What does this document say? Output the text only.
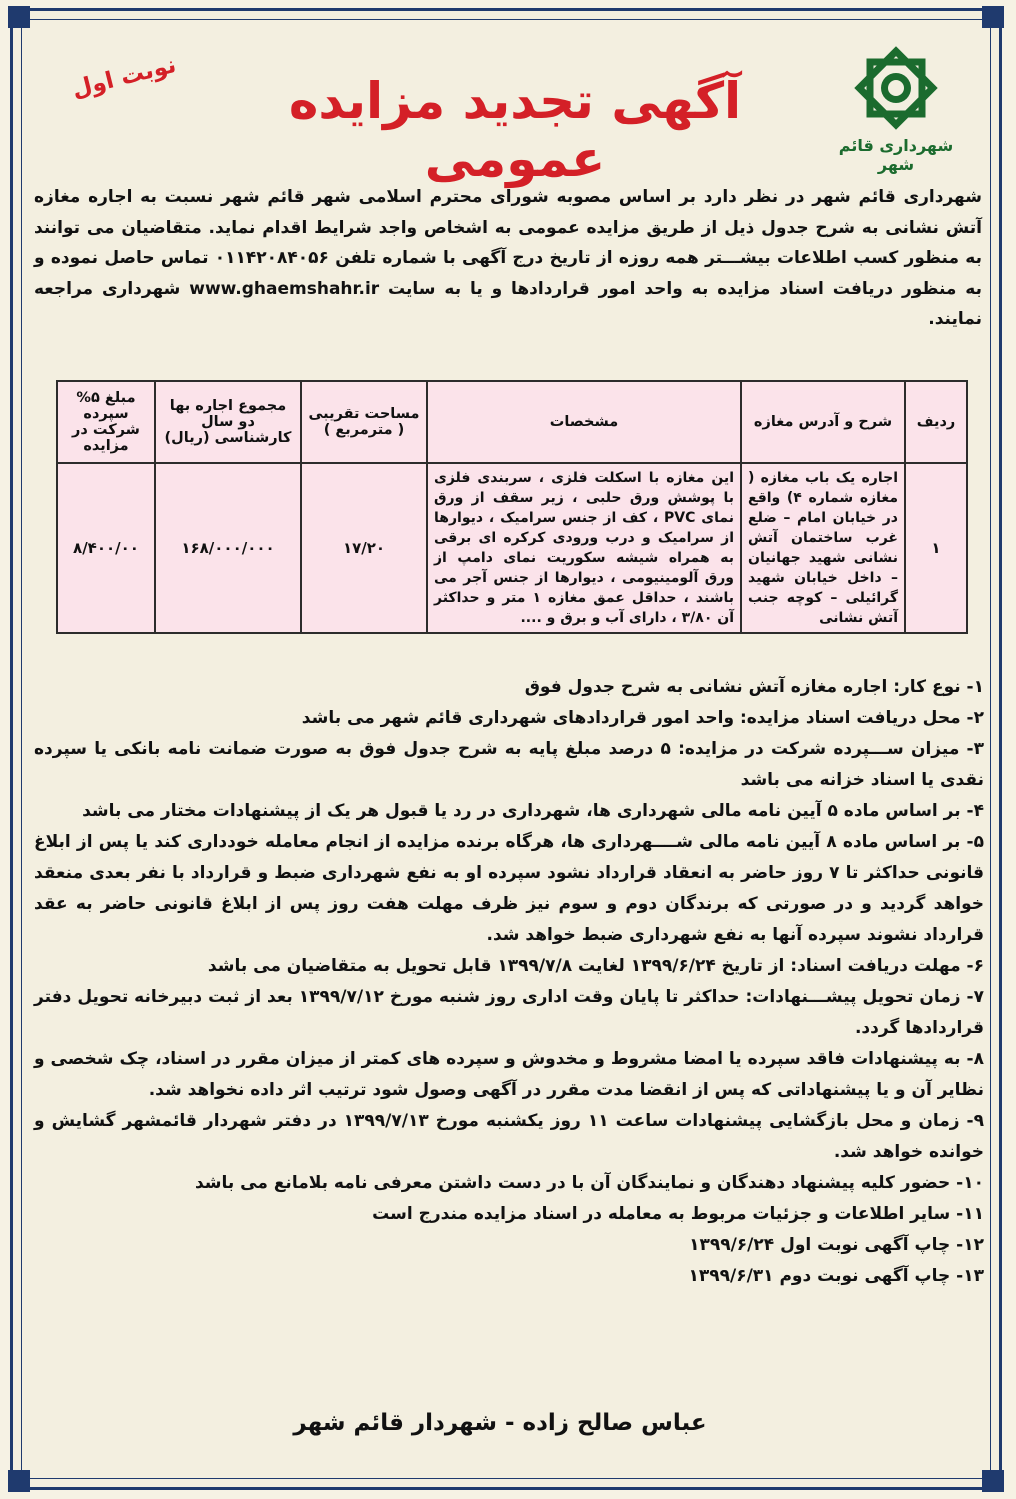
شهرداری قائم شهر
آگهی تجدید مزایده عمومی
نوبت اول
شهرداری قائم شهر در نظر دارد بر اساس مصوبه شورای محترم اسلامی شهر قائم شهر نسبت به اجاره مغازه آتش نشانی به شرح جدول ذیل از طریق مزایده عمومی به اشخاص واجد شرایط اقدام نماید. متقاضیان می توانند به منظور کسب اطلاعات بیشـــتر همه روزه از تاریخ درج آگهی با شماره تلفن ۰۱۱۴۲۰۸۴۰۵۶ تماس حاصل نموده و به منظور دریافت اسناد مزایده به واحد امور قراردادها و یا به سایت www.ghaemshahr.ir شهرداری مراجعه نمایند.
ردیف	شرح و آدرس مغازه	مشخصات	مساحت تقریبی ( مترمربع )	مجموع اجاره بها دو سال کارشناسی (ریال)	مبلغ ۵% سپرده شرکت در مزایده
۱	اجاره یک باب مغازه ( مغازه شماره ۴) واقع در خیابان امام – ضلع غرب ساختمان آتش نشانی شهید جهانیان – داخل خیابان شهید گرائیلی – کوچه جنب آتش نشانی	این مغازه با اسکلت فلزی ، سربندی فلزی با پوشش ورق حلبی ، زیر سقف از ورق نمای PVC ، کف از جنس سرامیک ، دیوارها از سرامیک و درب ورودی کرکره ای برقی به همراه شیشه سکوریت نمای دامپ از ورق آلومینیومی ، دیوارها از جنس آجر می باشند ، حداقل عمق مغازه ۱ متر و حداکثر آن ۳/۸۰ ، دارای آب و برق و ....	۱۷/۲۰	۱۶۸/۰۰۰/۰۰۰	۸/۴۰۰/۰۰
۱- نوع کار: اجاره مغازه آتش نشانی به شرح جدول فوق
۲- محل دریافت اسناد مزایده: واحد امور قراردادهای شهرداری قائم شهر می باشد
۳- میزان ســـپرده شرکت در مزایده: ۵ درصد مبلغ پایه به شرح جدول فوق به صورت ضمانت نامه بانکی یا سپرده نقدی یا اسناد خزانه می باشد
۴- بر اساس ماده ۵ آیین نامه مالی شهرداری ها، شهرداری در رد یا قبول هر یک از پیشنهادات مختار می باشد
۵- بر اساس ماده ۸ آیین نامه مالی شــــهرداری ها، هرگاه برنده مزایده از انجام معامله خودداری کند یا پس از ابلاغ قانونی حداکثر تا ۷ روز حاضر به انعقاد قرارداد نشود سپرده او به نفع شهرداری ضبط و قرارداد با نفر بعدی منعقد خواهد گردید و در صورتی که برندگان دوم و سوم نیز ظرف مهلت هفت روز پس از ابلاغ قانونی حاضر به عقد قرارداد نشوند سپرده آنها به نفع شهرداری ضبط خواهد شد.
۶- مهلت دریافت اسناد: از تاریخ ۱۳۹۹/۶/۲۴ لغایت ۱۳۹۹/۷/۸ قابل تحویل به متقاضیان می باشد
۷- زمان تحویل پیشـــنهادات: حداکثر تا پایان وقت اداری روز شنبه مورخ ۱۳۹۹/۷/۱۲ بعد از ثبت دبیرخانه تحویل دفتر قراردادها گردد.
۸- به پیشنهادات فاقد سپرده یا امضا مشروط و مخدوش و سپرده های کمتر از میزان مقرر در اسناد، چک شخصی و نظایر آن و یا پیشنهاداتی که پس از انقضا مدت مقرر در آگهی وصول شود ترتیب اثر داده نخواهد شد.
۹- زمان و محل بازگشایی پیشنهادات ساعت ۱۱ روز یکشنبه مورخ ۱۳۹۹/۷/۱۳ در دفتر شهردار قائمشهر گشایش و خوانده خواهد شد.
۱۰- حضور کلیه پیشنهاد دهندگان و نمایندگان آن با در دست داشتن معرفی نامه بلامانع می باشد
۱۱- سایر اطلاعات و جزئیات مربوط به معامله در اسناد مزایده مندرج است
۱۲- چاپ آگهی نوبت اول ۱۳۹۹/۶/۲۴
۱۳- چاپ آگهی نوبت دوم ۱۳۹۹/۶/۳۱
عباس صالح زاده - شهردار قائم شهر
